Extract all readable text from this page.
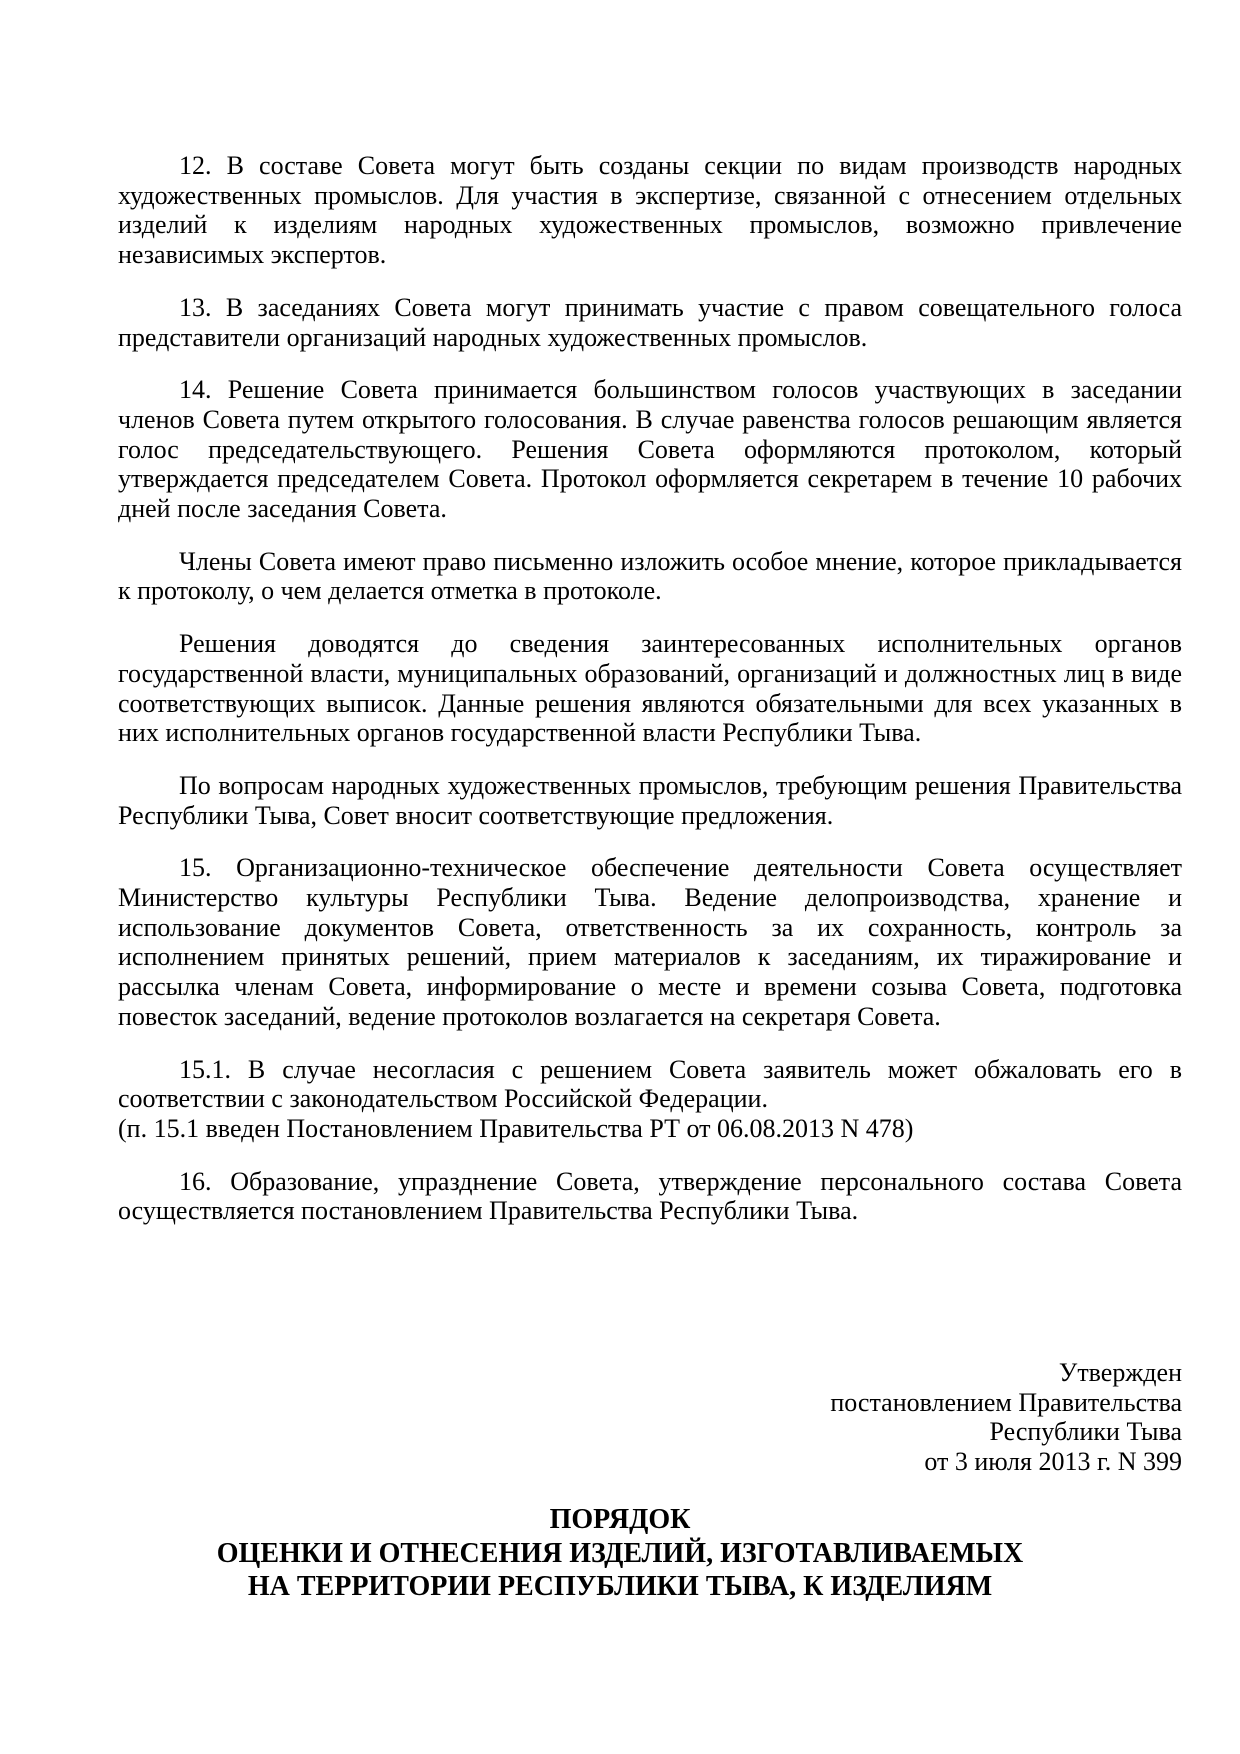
12. В составе Совета могут быть созданы секции по видам производств народных художественных промыслов. Для участия в экспертизе, связанной с отнесением отдельных изделий к изделиям народных художественных промыслов, возможно привлечение независимых экспертов.

13. В заседаниях Совета могут принимать участие с правом совещательного голоса представители организаций народных художественных промыслов.

14. Решение Совета принимается большинством голосов участвующих в заседании членов Совета путем открытого голосования. В случае равенства голосов решающим является голос председательствующего. Решения Совета оформляются протоколом, который утверждается председателем Совета. Протокол оформляется секретарем в течение 10 рабочих дней после заседания Совета.

Члены Совета имеют право письменно изложить особое мнение, которое прикладывается к протоколу, о чем делается отметка в протоколе.

Решения доводятся до сведения заинтересованных исполнительных органов государственной власти, муниципальных образований, организаций и должностных лиц в виде соответствующих выписок. Данные решения являются обязательными для всех указанных в них исполнительных органов государственной власти Республики Тыва.

По вопросам народных художественных промыслов, требующим решения Правительства Республики Тыва, Совет вносит соответствующие предложения.

15. Организационно-техническое обеспечение деятельности Совета осуществляет Министерство культуры Республики Тыва. Ведение делопроизводства, хранение и использование документов Совета, ответственность за их сохранность, контроль за исполнением принятых решений, прием материалов к заседаниям, их тиражирование и рассылка членам Совета, информирование о месте и времени созыва Совета, подготовка повесток заседаний, ведение протоколов возлагается на секретаря Совета.

15.1. В случае несогласия с решением Совета заявитель может обжаловать его в соответствии с законодательством Российской Федерации.

(п. 15.1 введен Постановлением Правительства РТ от 06.08.2013 N 478)

16. Образование, упразднение Совета, утверждение персонального состава Совета осуществляется постановлением Правительства Республики Тыва.

Утвержден
постановлением Правительства
Республики Тыва
от 3 июля 2013 г. N 399
ПОРЯДОК
ОЦЕНКИ И ОТНЕСЕНИЯ ИЗДЕЛИЙ, ИЗГОТАВЛИВАЕМЫХ
НА ТЕРРИТОРИИ РЕСПУБЛИКИ ТЫВА, К ИЗДЕЛИЯМ
